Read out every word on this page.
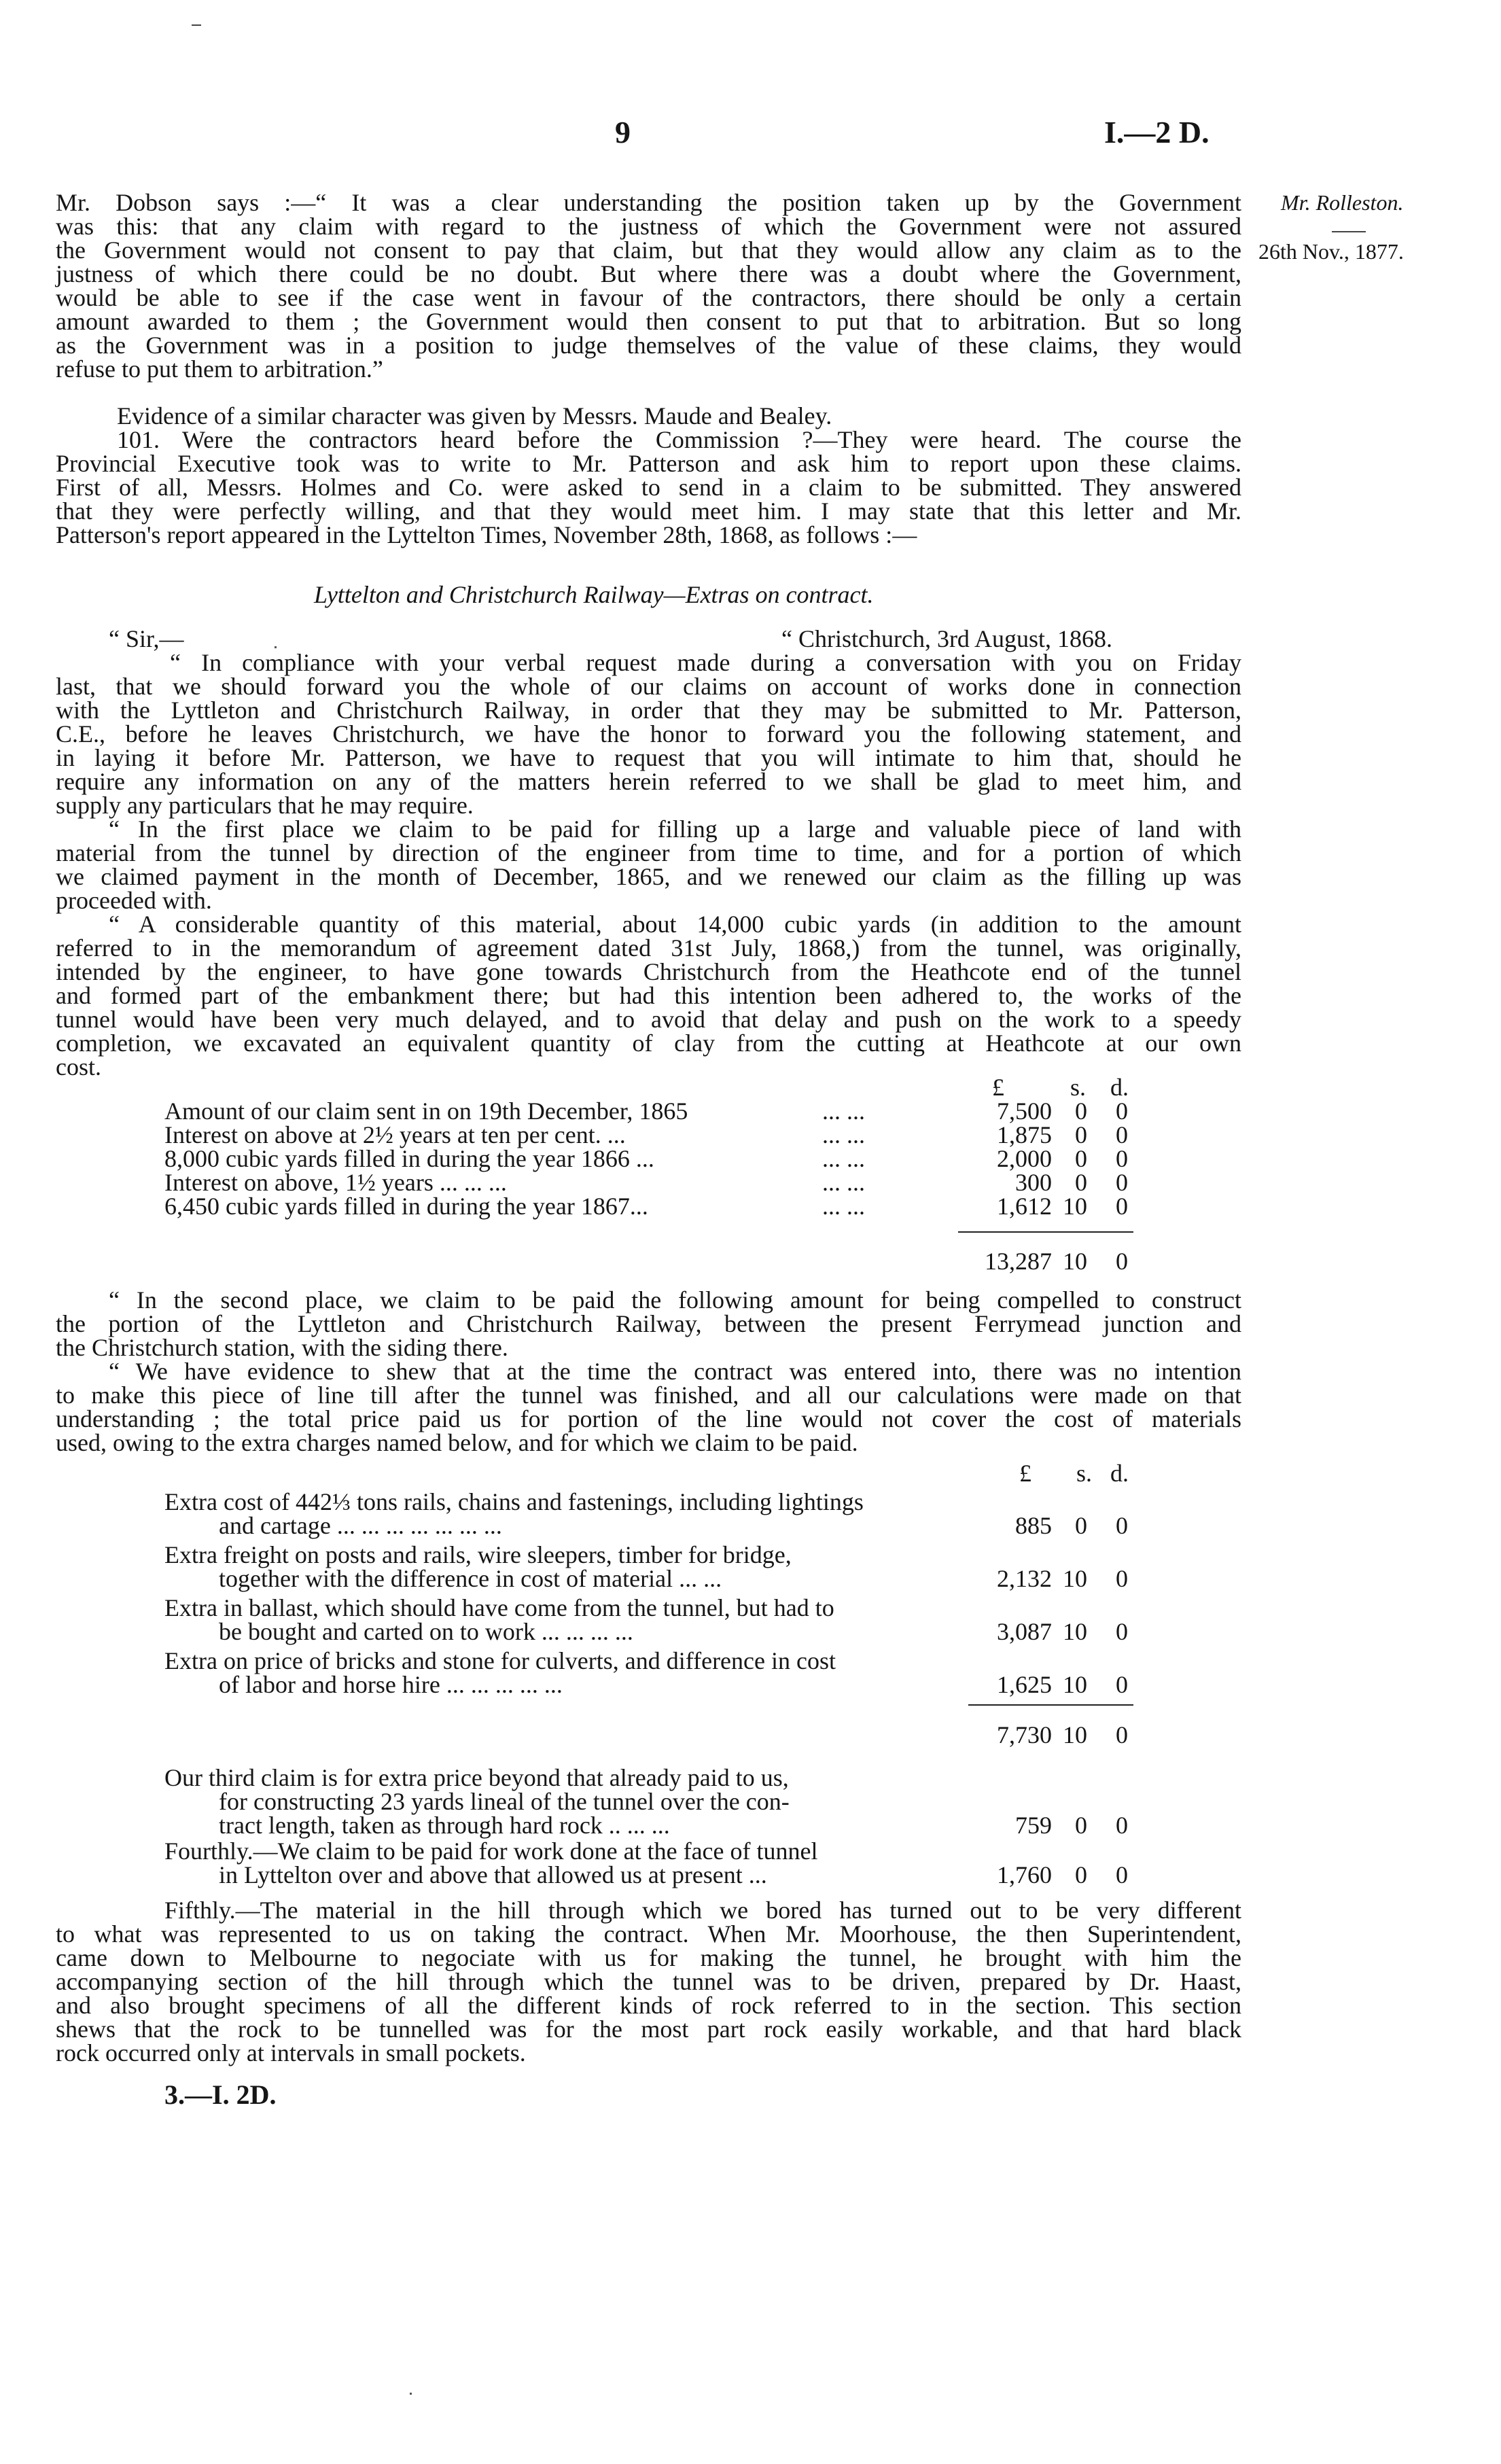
9	I.—2 D.

Mr. Rolleston.

26th Nov., 1877.

Mr. Dobson says :—“ It was a clear understanding the position taken up by the Government

was this: that any claim with regard to the justness of which the Government were not assured

the Government would not consent to pay that claim, but that they would allow any claim as to the

justness of which there could be no doubt. But where there was a doubt where the Government,

would be able to see if the case went in favour of the contractors, there should be only a certain

amount awarded to them ; the Government would then consent to put that to arbitration. But so long

as the Government was in a position to judge themselves of the value of these claims, they would

refuse to put them to arbitration.”

Evidence of a similar character was given by Messrs. Maude and Bealey.

101. Were the contractors heard before the Commission ?—They were heard. The course the

Provincial Executive took was to write to Mr. Patterson and ask him to report upon these claims.

First of all, Messrs. Holmes and Co. were asked to send in a claim to be submitted. They answered

that they were perfectly willing, and that they would meet him. I may state that this letter and Mr.

Patterson's report appeared in the Lyttelton Times, November 28th, 1868, as follows :—

Lyttelton and Christchurch Railway—Extras on contract.

“ Sir,—	“ Christchurch, 3rd August, 1868.

“ In compliance with your verbal request made during a conversation with you on Friday

last, that we should forward you the whole of our claims on account of works done in connection

with the Lyttleton and Christchurch Railway, in order that they may be submitted to Mr. Patterson,

C.E., before he leaves Christchurch, we have the honor to forward you the following statement, and

in laying it before Mr. Patterson, we have to request that you will intimate to him that, should he

require any information on any of the matters herein referred to we shall be glad to meet him, and

supply any particulars that he may require.

“ In the first place we claim to be paid for filling up a large and valuable piece of land with

material from the tunnel by direction of the engineer from time to time, and for a portion of which

we claimed payment in the month of December, 1865, and we renewed our claim as the filling up was

proceeded with.

“ A considerable quantity of this material, about 14,000 cubic yards (in addition to the amount

referred to in the memorandum of agreement dated 31st July, 1868,) from the tunnel, was originally,

intended by the engineer, to have gone towards Christchurch from the Heathcote end of the tunnel

and formed part of the embankment there; but had this intention been adhered to, the works of the

tunnel would have been very much delayed, and to avoid that delay and push on the work to a speedy

completion, we excavated an equivalent quantity of clay from the cutting at Heathcote at our own

cost.

£	s. d.

Amount of our claim sent in on 19th December, 1865	... ...	7,500 0	0

Interest on above at 2½ years at ten per cent. ...	... ...	1,875 0	0

8,000 cubic yards filled in during the year 1866 ...	... ...	2,000 0	0

Interest on above, 1½ years ... ... ...	... ...	300 0	0

6,450 cubic yards filled in during the year 1867...	... ...	1,612 10	0

13,287 10	0

“ In the second place, we claim to be paid the following amount for being compelled to construct

the portion of the Lyttleton and Christchurch Railway, between the present Ferrymead junction and

the Christchurch station, with the siding there.

“ We have evidence to shew that at the time the contract was entered into, there was no intention

to make this piece of line till after the tunnel was finished, and all our calculations were made on that

understanding ; the total price paid us for portion of the line would not cover the cost of materials

used, owing to the extra charges named below, and for which we claim to be paid.

£ s. d.

Extra cost of 442⅓ tons rails, chains and fastenings, including lightings

and cartage ... ... ... ... ... ... ...	885 0	0

Extra freight on posts and rails, wire sleepers, timber for bridge,

together with the difference in cost of material ... ...	2,132 10	0

Extra in ballast, which should have come from the tunnel, but had to

be bought and carted on to work ... ... ... ...	3,087 10	0

Extra on price of bricks and stone for culverts, and difference in cost

of labor and horse hire ... ... ... ... ...	1,625 10	0

7,730 10	0

Our third claim is for extra price beyond that already paid to us,

for constructing 23 yards lineal of the tunnel over the con-

tract length, taken as through hard rock .. ... ...	759 0	0

Fourthly.—We claim to be paid for work done at the face of tunnel

in Lyttelton over and above that allowed us at present ...	1,760 0	0

Fifthly.—The material in the hill through which we bored has turned out to be very different

to what was represented to us on taking the contract. When Mr. Moorhouse, the then Superintendent,

came down to Melbourne to negociate with us for making the tunnel, he brought with him the

accompanying section of the hill through which the tunnel was to be driven, prepared by Dr. Haast,

and also brought specimens of all the different kinds of rock referred to in the section. This section

shews that the rock to be tunnelled was for the most part rock easily workable, and that hard black

rock occurred only at intervals in small pockets.

3.—I. 2D.
